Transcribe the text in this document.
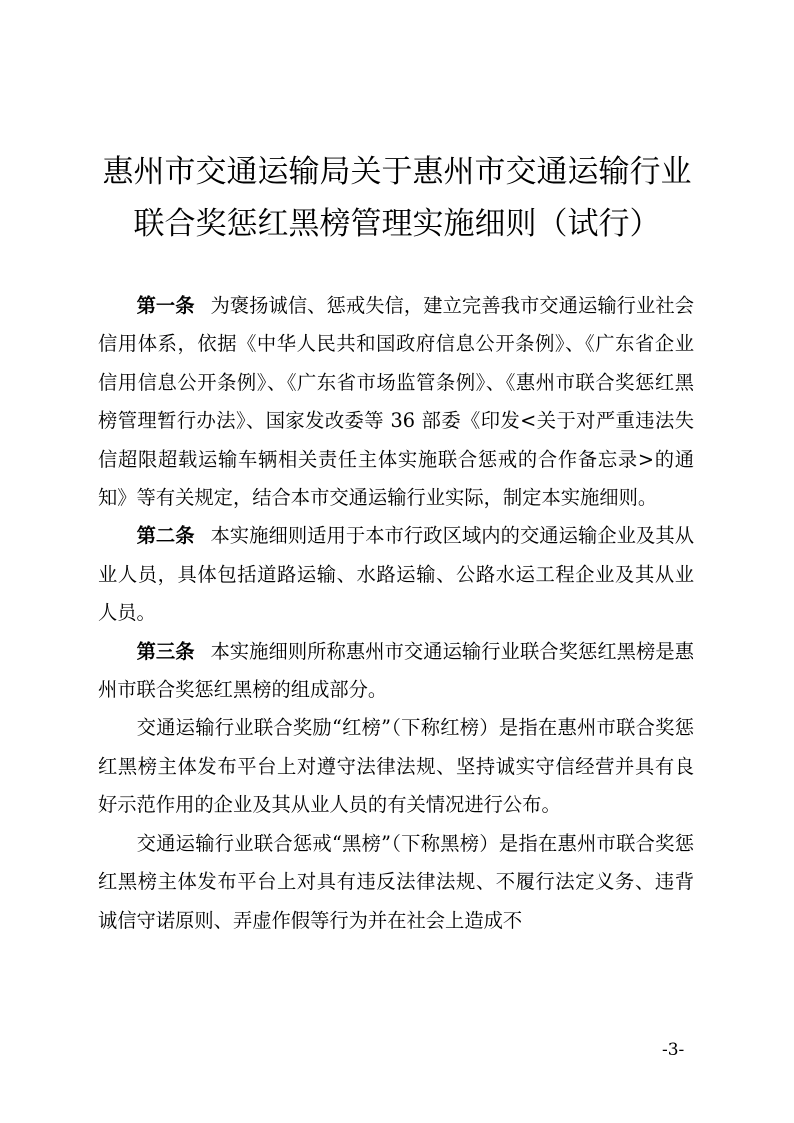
惠州市交通运输局关于惠州市交通运输行业
联合奖惩红黑榜管理实施细则（试行）

第一条 为褒扬诚信、惩戒失信，建立完善我市交通运输行业社会信用体系，依据《中华人民共和国政府信息公开条例》、《广东省企业信用信息公开条例》、《广东省市场监管条例》、《惠州市联合奖惩红黑榜管理暂行办法》、国家发改委等 36 部委《印发<关于对严重违法失信超限超载运输车辆相关责任主体实施联合惩戒的合作备忘录>的通知》等有关规定，结合本市交通运输行业实际，制定本实施细则。

第二条 本实施细则适用于本市行政区域内的交通运输企业及其从业人员，具体包括道路运输、水路运输、公路水运工程企业及其从业人员。

第三条 本实施细则所称惠州市交通运输行业联合奖惩红黑榜是惠州市联合奖惩红黑榜的组成部分。

交通运输行业联合奖励“红榜”（下称红榜）是指在惠州市联合奖惩红黑榜主体发布平台上对遵守法律法规、坚持诚实守信经营并具有良好示范作用的企业及其从业人员的有关情况进行公布。

交通运输行业联合惩戒“黑榜”（下称黑榜）是指在惠州市联合奖惩红黑榜主体发布平台上对具有违反法律法规、不履行法定义务、违背诚信守诺原则、弄虚作假等行为并在社会上造成不

-3-
